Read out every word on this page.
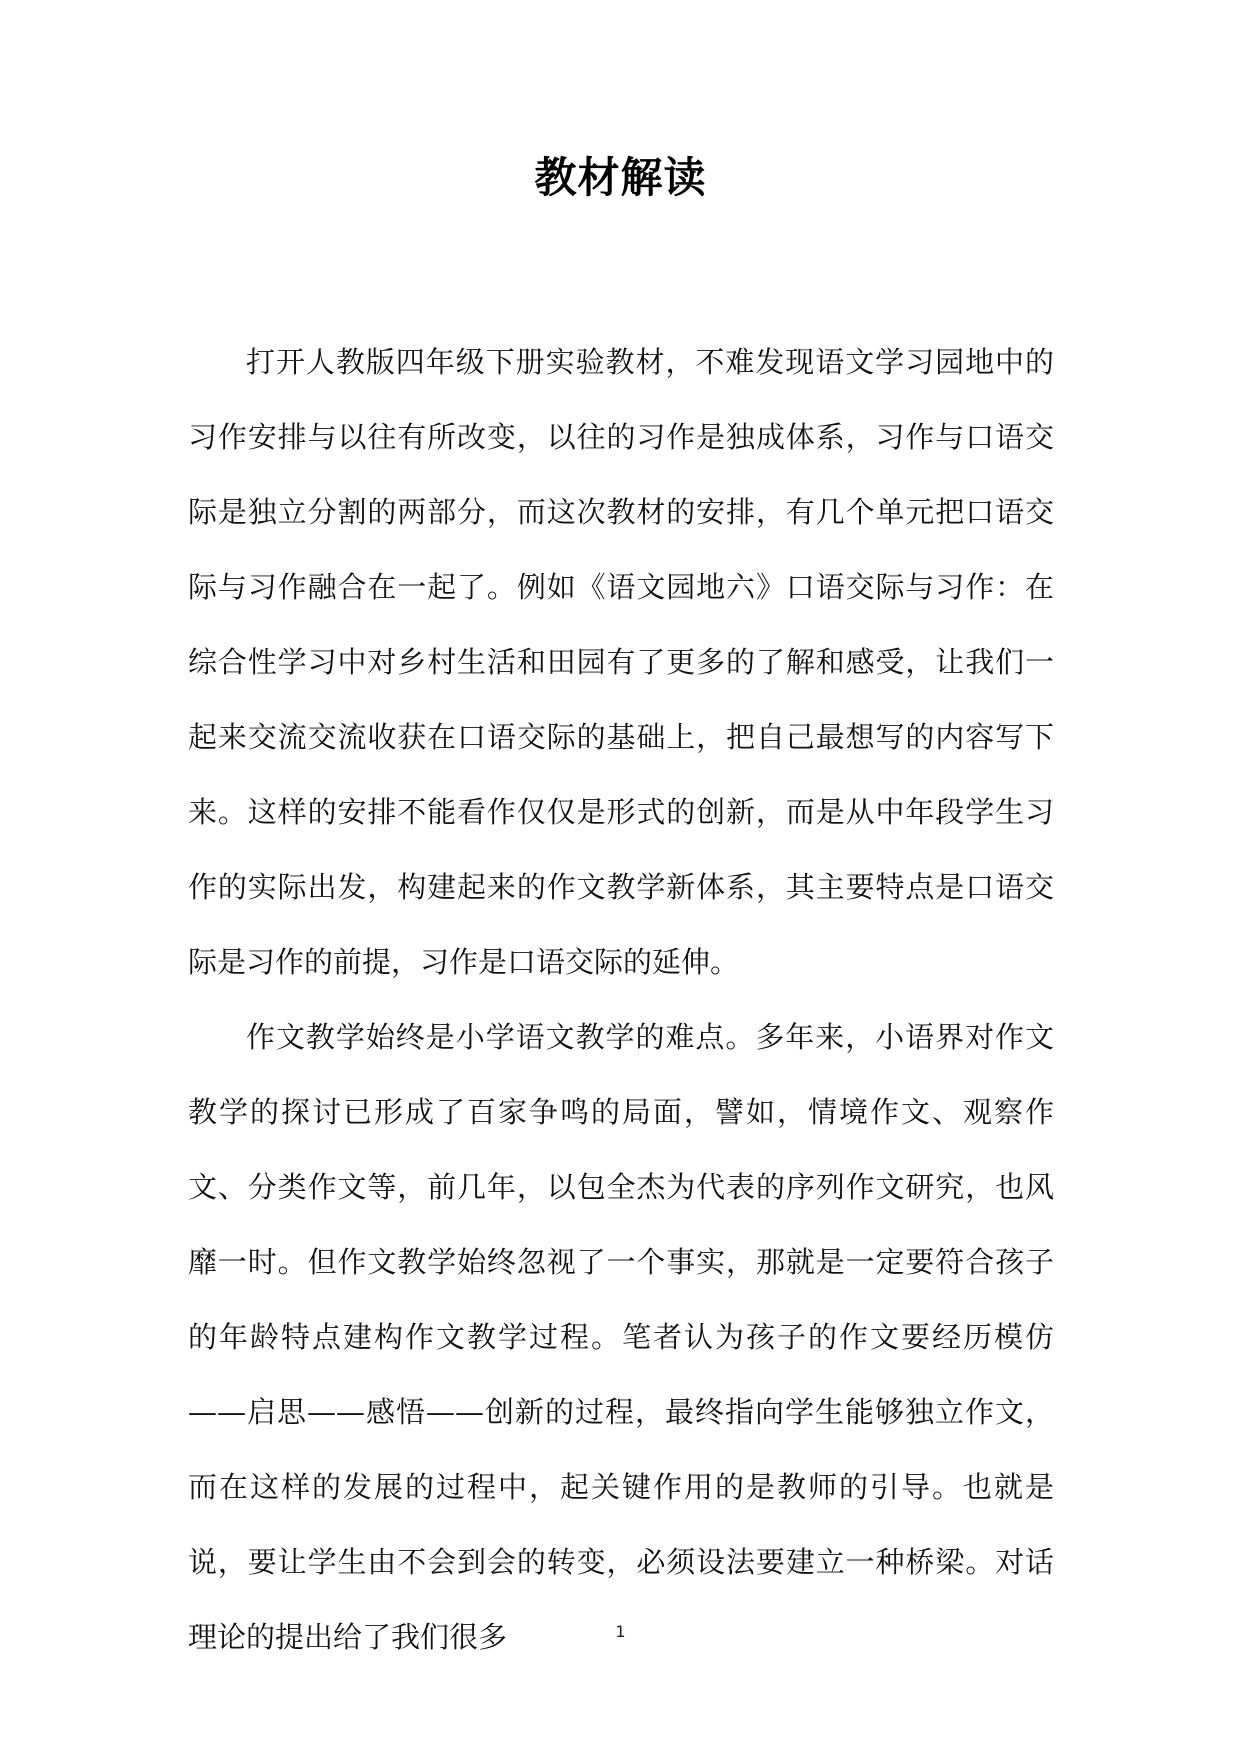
教材解读

打开人教版四年级下册实验教材，不难发现语文学习园地中的习作安排与以往有所改变，以往的习作是独成体系，习作与口语交际是独立分割的两部分，而这次教材的安排，有几个单元把口语交际与习作融合在一起了。例如《语文园地六》口语交际与习作：在综合性学习中对乡村生活和田园有了更多的了解和感受，让我们一起来交流交流收获在口语交际的基础上，把自己最想写的内容写下来。这样的安排不能看作仅仅是形式的创新，而是从中年段学生习作的实际出发，构建起来的作文教学新体系，其主要特点是口语交际是习作的前提，习作是口语交际的延伸。

作文教学始终是小学语文教学的难点。多年来，小语界对作文教学的探讨已形成了百家争鸣的局面，譬如，情境作文、观察作文、分类作文等，前几年，以包全杰为代表的序列作文研究，也风靡一时。但作文教学始终忽视了一个事实，那就是一定要符合孩子的年龄特点建构作文教学过程。笔者认为孩子的作文要经历模仿——启思——感悟——创新的过程，最终指向学生能够独立作文，而在这样的发展的过程中，起关键作用的是教师的引导。也就是说，要让学生由不会到会的转变，必须设法要建立一种桥梁。对话理论的提出给了我们很多	1
